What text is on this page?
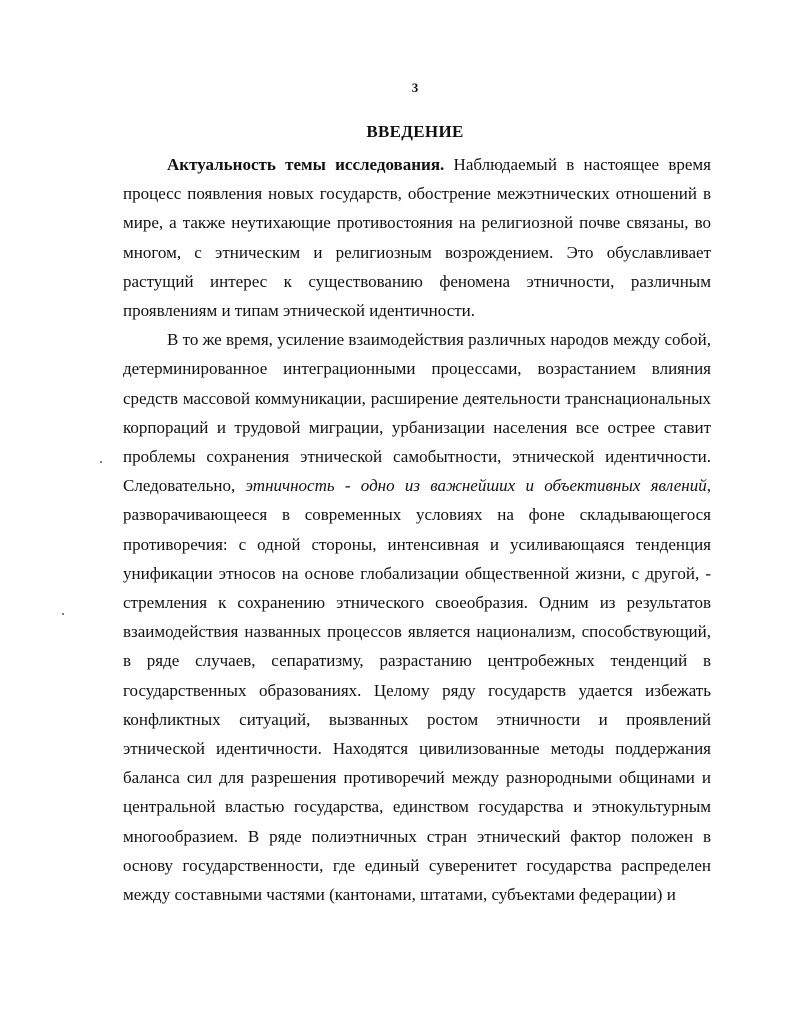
3
ВВЕДЕНИЕ

Актуальность темы исследования. Наблюдаемый в настоящее время процесс появления новых государств, обострение межэтнических отношений в мире, а также неутихающие противостояния на религиозной почве связаны, во многом, с этническим и религиозным возрождением. Это обуславливает растущий интерес к существованию феномена этничности, различным проявлениям и типам этнической идентичности.

В то же время, усиление взаимодействия различных народов между собой, детерминированное интеграционными процессами, возрастанием влияния средств массовой коммуникации, расширение деятельности транснациональных корпораций и трудовой миграции, урбанизации населения все острее ставит проблемы сохранения этнической самобытности, этнической идентичности. Следовательно, этничность - одно из важнейших и объективных явлений, разворачивающееся в современных условиях на фоне складывающегося противоречия: с одной стороны, интенсивная и усиливающаяся тенденция унификации этносов на основе глобализации общественной жизни, с другой, - стремления к сохранению этнического своеобразия. Одним из результатов взаимодействия названных процессов является национализм, способствующий, в ряде случаев, сепаратизму, разрастанию центробежных тенденций в государственных образованиях. Целому ряду государств удается избежать конфликтных ситуаций, вызванных ростом этничности и проявлений этнической идентичности. Находятся цивилизованные методы поддержания баланса сил для разрешения противоречий между разнородными общинами и центральной властью государства, единством государства и этнокультурным многообразием. В ряде полиэтничных стран этнический фактор положен в основу государственности, где единый суверенитет государства распределен между составными частями (кантонами, штатами, субъектами федерации) и
